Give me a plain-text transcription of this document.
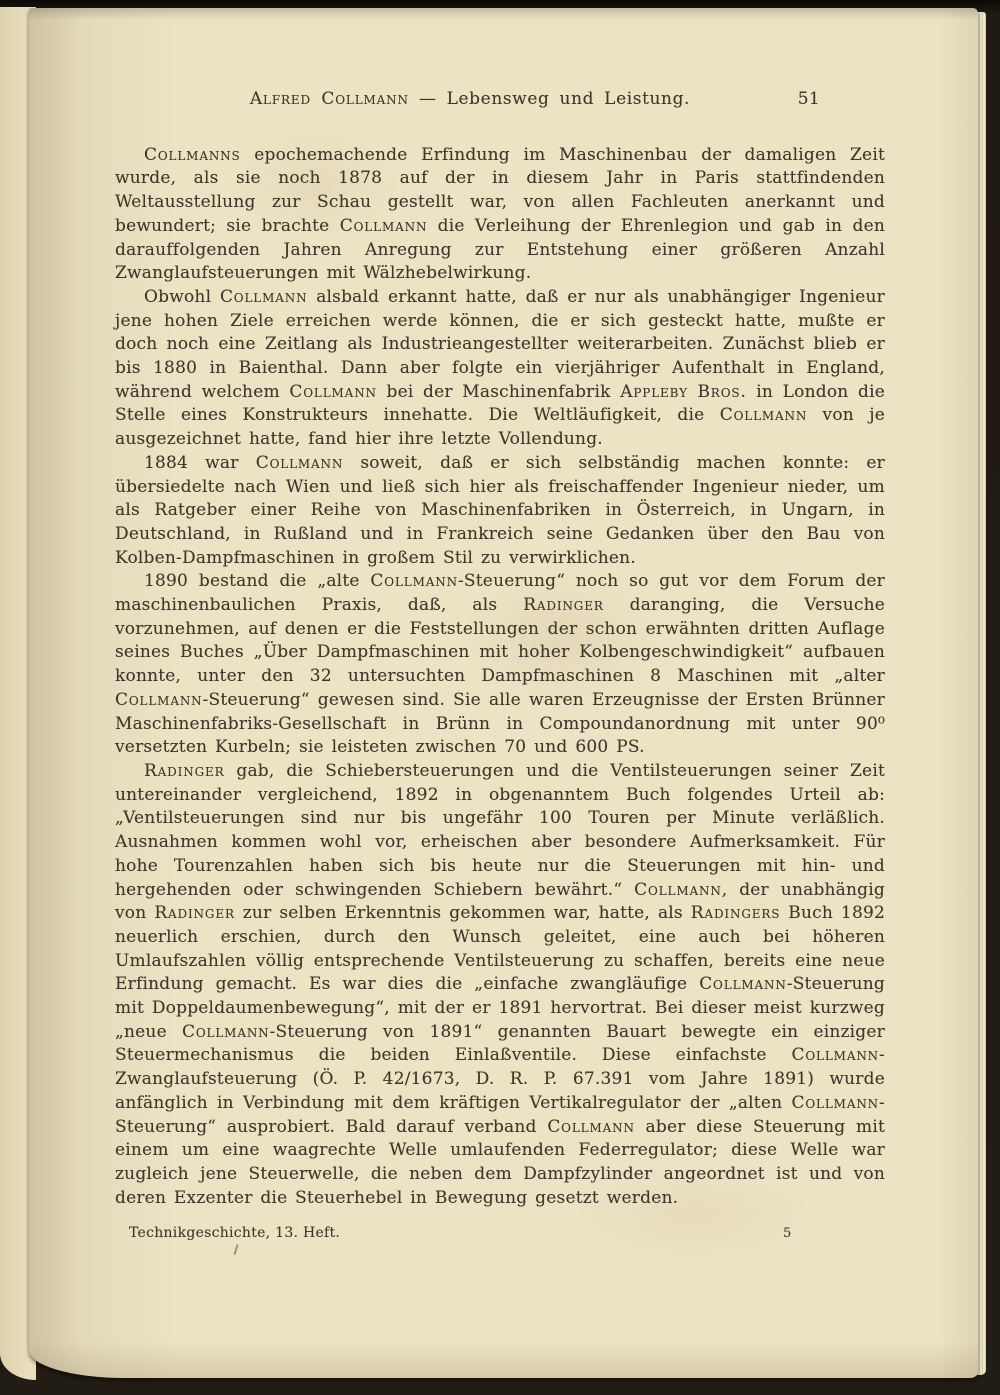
Alfred Collmann — Lebensweg und Leistung.	51

Collmanns epochemachende Erfindung im Maschinenbau der damaligen Zeit wurde, als sie noch 1878 auf der in diesem Jahr in Paris stattfindenden Weltausstellung zur Schau gestellt war, von allen Fachleuten anerkannt und bewundert; sie brachte Collmann die Verleihung der Ehrenlegion und gab in den darauffolgenden Jahren Anregung zur Entstehung einer größeren Anzahl Zwanglaufsteuerungen mit Wälzhebelwirkung.

Obwohl Collmann alsbald erkannt hatte, daß er nur als unabhängiger Ingenieur jene hohen Ziele erreichen werde können, die er sich gesteckt hatte, mußte er doch noch eine Zeitlang als Industrieangestellter weiterarbeiten. Zunächst blieb er bis 1880 in Baienthal. Dann aber folgte ein vierjähriger Aufenthalt in England, während welchem Collmann bei der Maschinenfabrik Appleby Bros. in London die Stelle eines Konstrukteurs innehatte. Die Weltläufigkeit, die Collmann von je ausgezeichnet hatte, fand hier ihre letzte Vollendung.

1884 war Collmann soweit, daß er sich selbständig machen konnte: er übersiedelte nach Wien und ließ sich hier als freischaffender Ingenieur nieder, um als Ratgeber einer Reihe von Maschinenfabriken in Österreich, in Ungarn, in Deutschland, in Rußland und in Frankreich seine Gedanken über den Bau von Kolben-Dampfmaschinen in großem Stil zu verwirklichen.

1890 bestand die „alte Collmann-Steuerung“ noch so gut vor dem Forum der maschinenbaulichen Praxis, daß, als Radinger daranging, die Versuche vorzunehmen, auf denen er die Feststellungen der schon erwähnten dritten Auflage seines Buches „Über Dampfmaschinen mit hoher Kolbengeschwindigkeit“ aufbauen konnte, unter den 32 untersuchten Dampfmaschinen 8 Maschinen mit „alter Collmann-Steuerung“ gewesen sind. Sie alle waren Erzeugnisse der Ersten Brünner Maschinenfabriks-Gesellschaft in Brünn in Compoundanordnung mit unter 90⁰ versetzten Kurbeln; sie leisteten zwischen 70 und 600 PS.

Radinger gab, die Schiebersteuerungen und die Ventilsteuerungen seiner Zeit untereinander vergleichend, 1892 in obgenanntem Buch folgendes Urteil ab: „Ventilsteuerungen sind nur bis ungefähr 100 Touren per Minute verläßlich. Ausnahmen kommen wohl vor, erheischen aber besondere Aufmerksamkeit. Für hohe Tourenzahlen haben sich bis heute nur die Steuerungen mit hin- und hergehenden oder schwingenden Schiebern bewährt.“ Collmann, der unabhängig von Radinger zur selben Erkenntnis gekommen war, hatte, als Radingers Buch 1892 neuerlich erschien, durch den Wunsch geleitet, eine auch bei höheren Umlaufszahlen völlig entsprechende Ventilsteuerung zu schaffen, bereits eine neue Erfindung gemacht. Es war dies die „einfache zwangläufige Collmann-Steuerung mit Doppeldaumenbewegung“, mit der er 1891 hervortrat. Bei dieser meist kurzweg „neue Collmann-Steuerung von 1891“ genannten Bauart bewegte ein einziger Steuermechanismus die beiden Einlaßventile. Diese einfachste Collmann-Zwanglaufsteuerung (Ö. P. 42/1673, D. R. P. 67.391 vom Jahre 1891) wurde anfänglich in Verbindung mit dem kräftigen Vertikalregulator der „alten Collmann-Steuerung“ ausprobiert. Bald darauf verband Collmann aber diese Steuerung mit einem um eine waagrechte Welle umlaufenden Federregulator; diese Welle war zugleich jene Steuerwelle, die neben dem Dampfzylinder angeordnet ist und von deren Exzenter die Steuerhebel in Bewegung gesetzt werden.

Technikgeschichte, 13. Heft.	5
